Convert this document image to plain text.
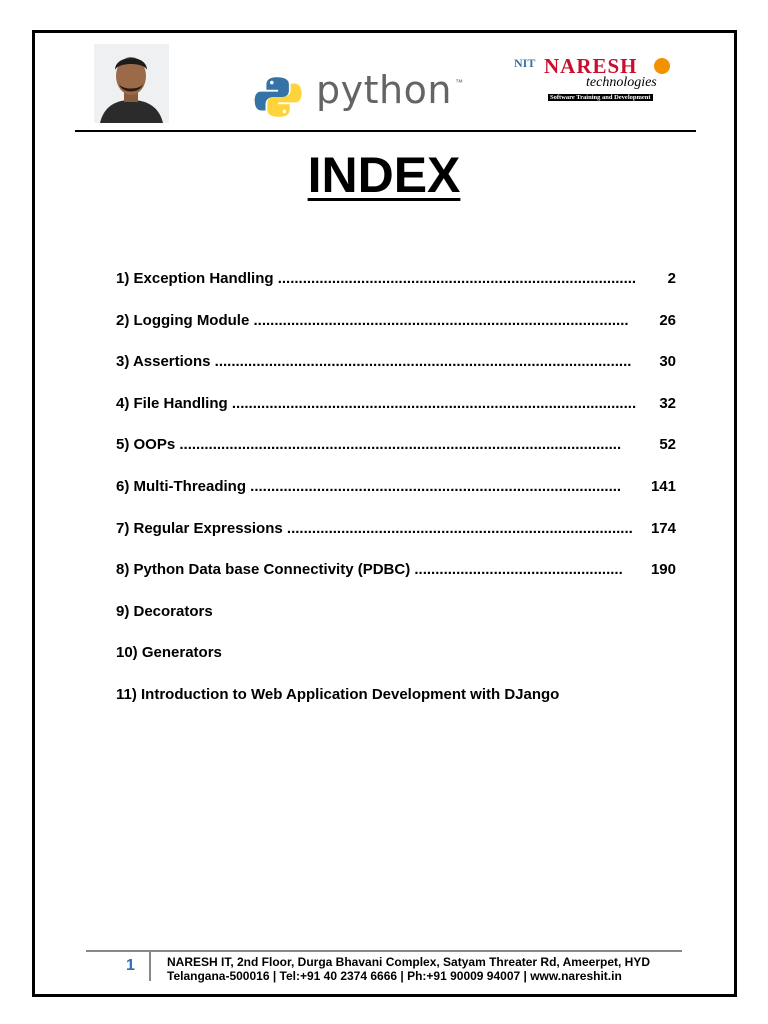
python ™
NIT NARESH
technologies
Software Training and Development
INDEX
1) Exception Handling ...................................................................................... 2
2) Logging Module .......................................................................................... 26
3) Assertions .................................................................................................... 30
4) File Handling ................................................................................................. 32
5) OOPs ..........................................................................................................	52
6) Multi-Threading ......................................................................................... 141
7) Regular Expressions ................................................................................... 174
8) Python Data base Connectivity (PDBC) .................................................. 190
9) Decorators
10) Generators
11) Introduction to Web Application Development with DJango
1	NARESH IT, 2nd Floor, Durga Bhavani Complex, Satyam Threater Rd, Ameerpet, HYD
Telangana-500016 | Tel:+91 40 2374 6666 | Ph:+91 90009 94007 | www.nareshit.in
